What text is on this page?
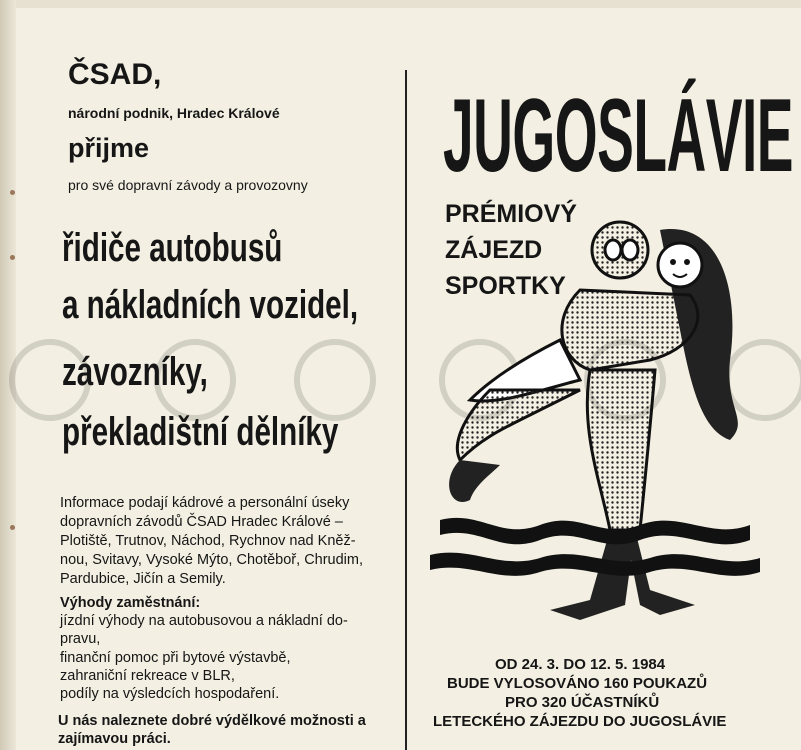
ČSAD,
národní podnik, Hradec Králové
přijme
pro své dopravní závody a provozovny
řidiče autobusů
a nákladních vozidel,
závozníky,
překladištní dělníky
Informace podají kádrové a personální úseky
dopravních závodů ČSAD Hradec Králové –
Plotiště, Trutnov, Náchod, Rychnov nad Kněž-
nou, Svitavy, Vysoké Mýto, Chotěboř, Chrudim,
Pardubice, Jičín a Semily.
Výhody zaměstnání:
jízdní výhody na autobusovou a nákladní do-
pravu,
finanční pomoc při bytové výstavbě,
zahraniční rekreace v BLR,
podíly na výsledcích hospodaření.
U nás naleznete dobré výdělkové možnosti a
zajímavou práci.
JUGOSLÁVIE
PRÉMIOVÝ
ZÁJEZD
SPORTKY
OD 24. 3. DO 12. 5. 1984
BUDE VYLOSOVÁNO 160 POUKAZŮ
PRO 320 ÚČASTNÍKŮ
LETECKÉHO ZÁJEZDU DO JUGOSLÁVIE
